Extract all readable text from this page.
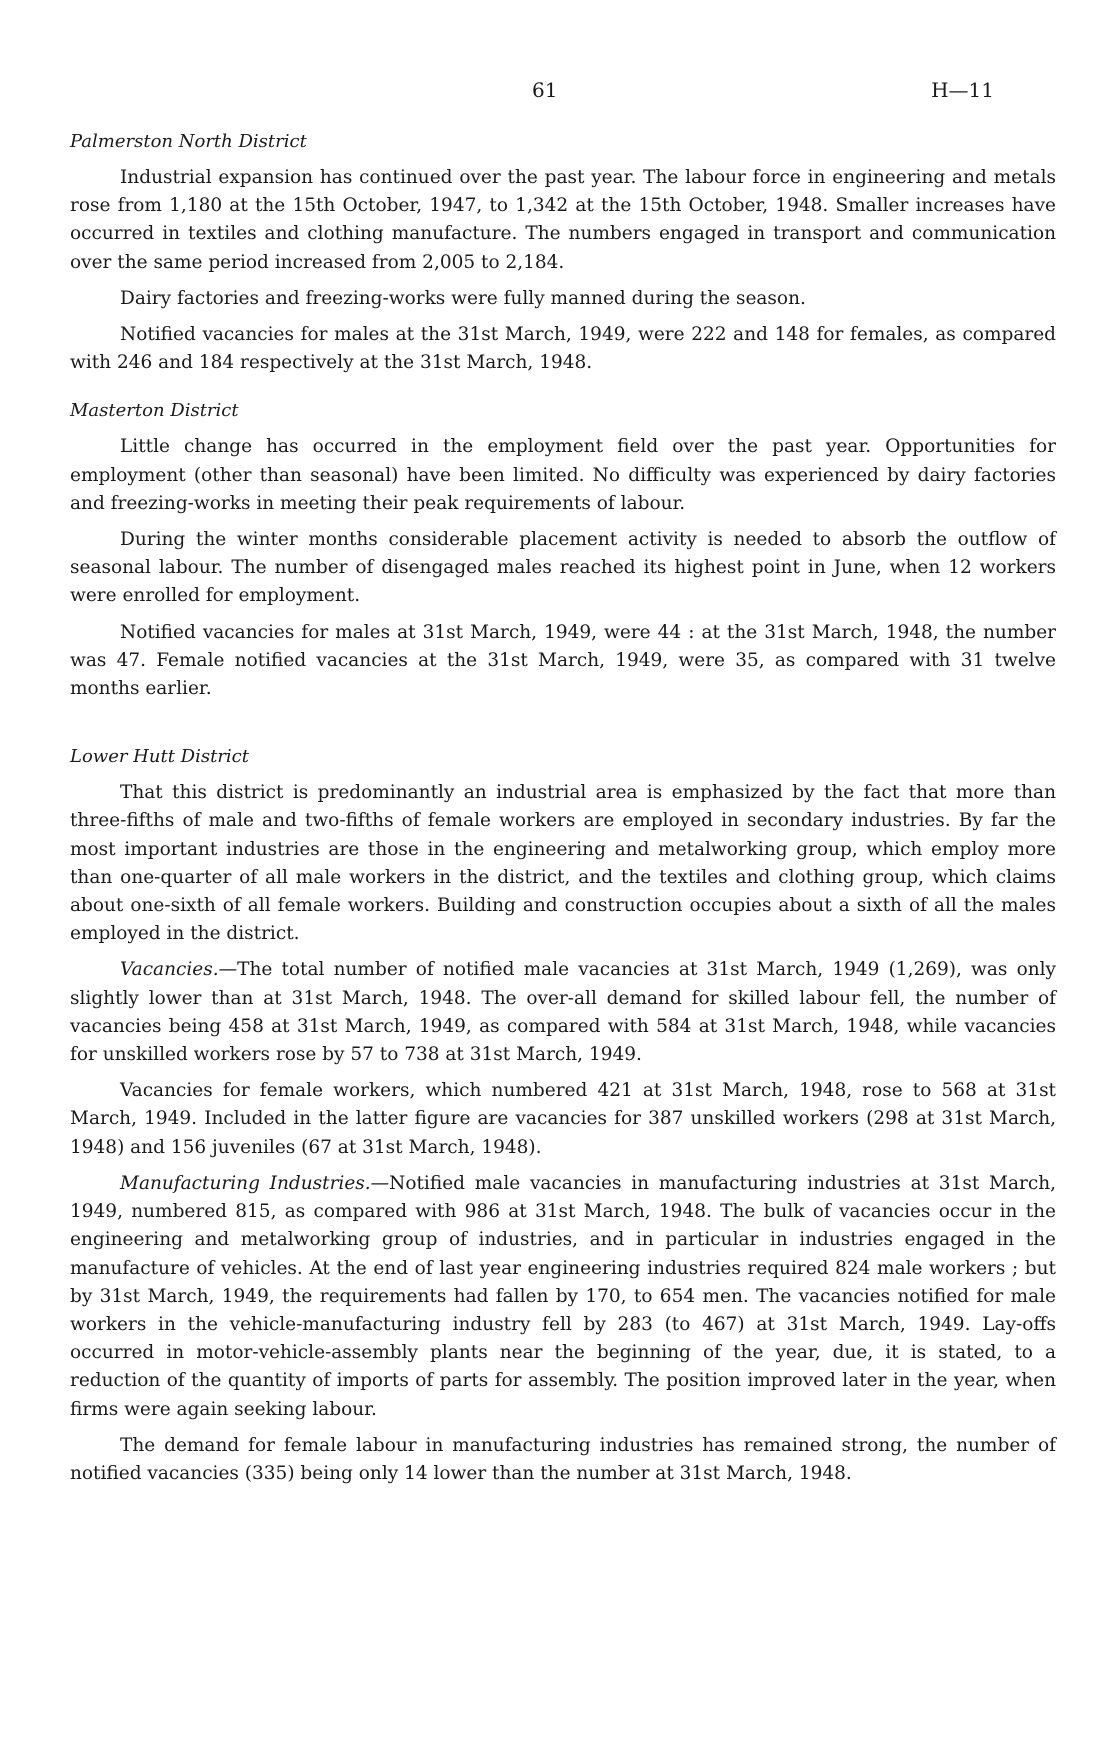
61	H—11
Palmerston North District

Industrial expansion has continued over the past year. The labour force in engineering and metals rose from 1,180 at the 15th October, 1947, to 1,342 at the 15th October, 1948. Smaller increases have occurred in textiles and clothing manufacture. The numbers engaged in transport and communication over the same period increased from 2,005 to 2,184.

Dairy factories and freezing-works were fully manned during the season.

Notified vacancies for males at the 31st March, 1949, were 222 and 148 for females, as compared with 246 and 184 respectively at the 31st March, 1948.

Masterton District

Little change has occurred in the employment field over the past year. Opportunities for employment (other than seasonal) have been limited. No difficulty was experienced by dairy factories and freezing-works in meeting their peak requirements of labour.

During the winter months considerable placement activity is needed to absorb the outflow of seasonal labour. The number of disengaged males reached its highest point in June, when 12 workers were enrolled for employment.

Notified vacancies for males at 31st March, 1949, were 44 : at the 31st March, 1948, the number was 47. Female notified vacancies at the 31st March, 1949, were 35, as compared with 31 twelve months earlier.

Lower Hutt District

That this district is predominantly an industrial area is emphasized by the fact that more than three-fifths of male and two-fifths of female workers are employed in secondary industries. By far the most important industries are those in the engineering and metalworking group, which employ more than one-quarter of all male workers in the district, and the textiles and clothing group, which claims about one-sixth of all female workers. Building and construction occupies about a sixth of all the males employed in the district.

Vacancies.—The total number of notified male vacancies at 31st March, 1949 (1,269), was only slightly lower than at 31st March, 1948. The over-all demand for skilled labour fell, the number of vacancies being 458 at 31st March, 1949, as compared with 584 at 31st March, 1948, while vacancies for unskilled workers rose by 57 to 738 at 31st March, 1949.

Vacancies for female workers, which numbered 421 at 31st March, 1948, rose to 568 at 31st March, 1949. Included in the latter figure are vacancies for 387 unskilled workers (298 at 31st March, 1948) and 156 juveniles (67 at 31st March, 1948).

Manufacturing Industries.—Notified male vacancies in manufacturing industries at 31st March, 1949, numbered 815, as compared with 986 at 31st March, 1948. The bulk of vacancies occur in the engineering and metalworking group of industries, and in particular in industries engaged in the manufacture of vehicles. At the end of last year engineering industries required 824 male workers ; but by 31st March, 1949, the requirements had fallen by 170, to 654 men. The vacancies notified for male workers in the vehicle-manufacturing industry fell by 283 (to 467) at 31st March, 1949. Lay-offs occurred in motor-vehicle-assembly plants near the beginning of the year, due, it is stated, to a reduction of the quantity of imports of parts for assembly. The position improved later in the year, when firms were again seeking labour.

The demand for female labour in manufacturing industries has remained strong, the number of notified vacancies (335) being only 14 lower than the number at 31st March, 1948.
